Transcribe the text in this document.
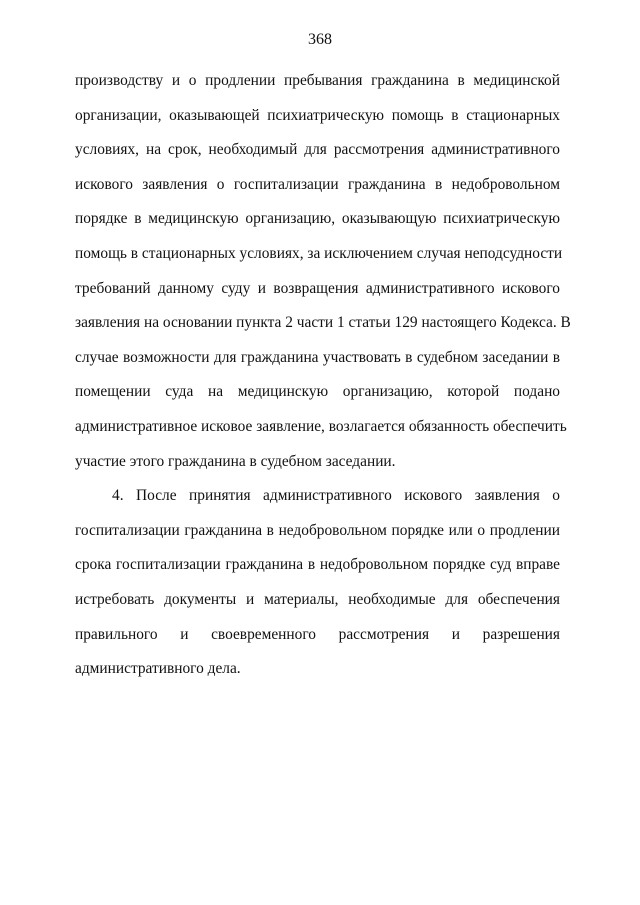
368
производству и о продлении пребывания гражданина в медицинской
организации, оказывающей психиатрическую помощь в стационарных
условиях, на срок, необходимый для рассмотрения административного
искового заявления о госпитализации гражданина в недобровольном
порядке в медицинскую организацию, оказывающую психиатрическую
помощь в стационарных условиях, за исключением случая неподсудности
требований данному суду и возвращения административного искового
заявления на основании пункта 2 части 1 статьи 129 настоящего Кодекса. В
случае возможности для гражданина участвовать в судебном заседании в
помещении суда на медицинскую организацию, которой подано
административное исковое заявление, возлагается обязанность обеспечить
участие этого гражданина в судебном заседании.
4. После принятия административного искового заявления о
госпитализации гражданина в недобровольном порядке или о продлении
срока госпитализации гражданина в недобровольном порядке суд вправе
истребовать документы и материалы, необходимые для обеспечения
правильного и своевременного рассмотрения и разрешения
административного дела.
